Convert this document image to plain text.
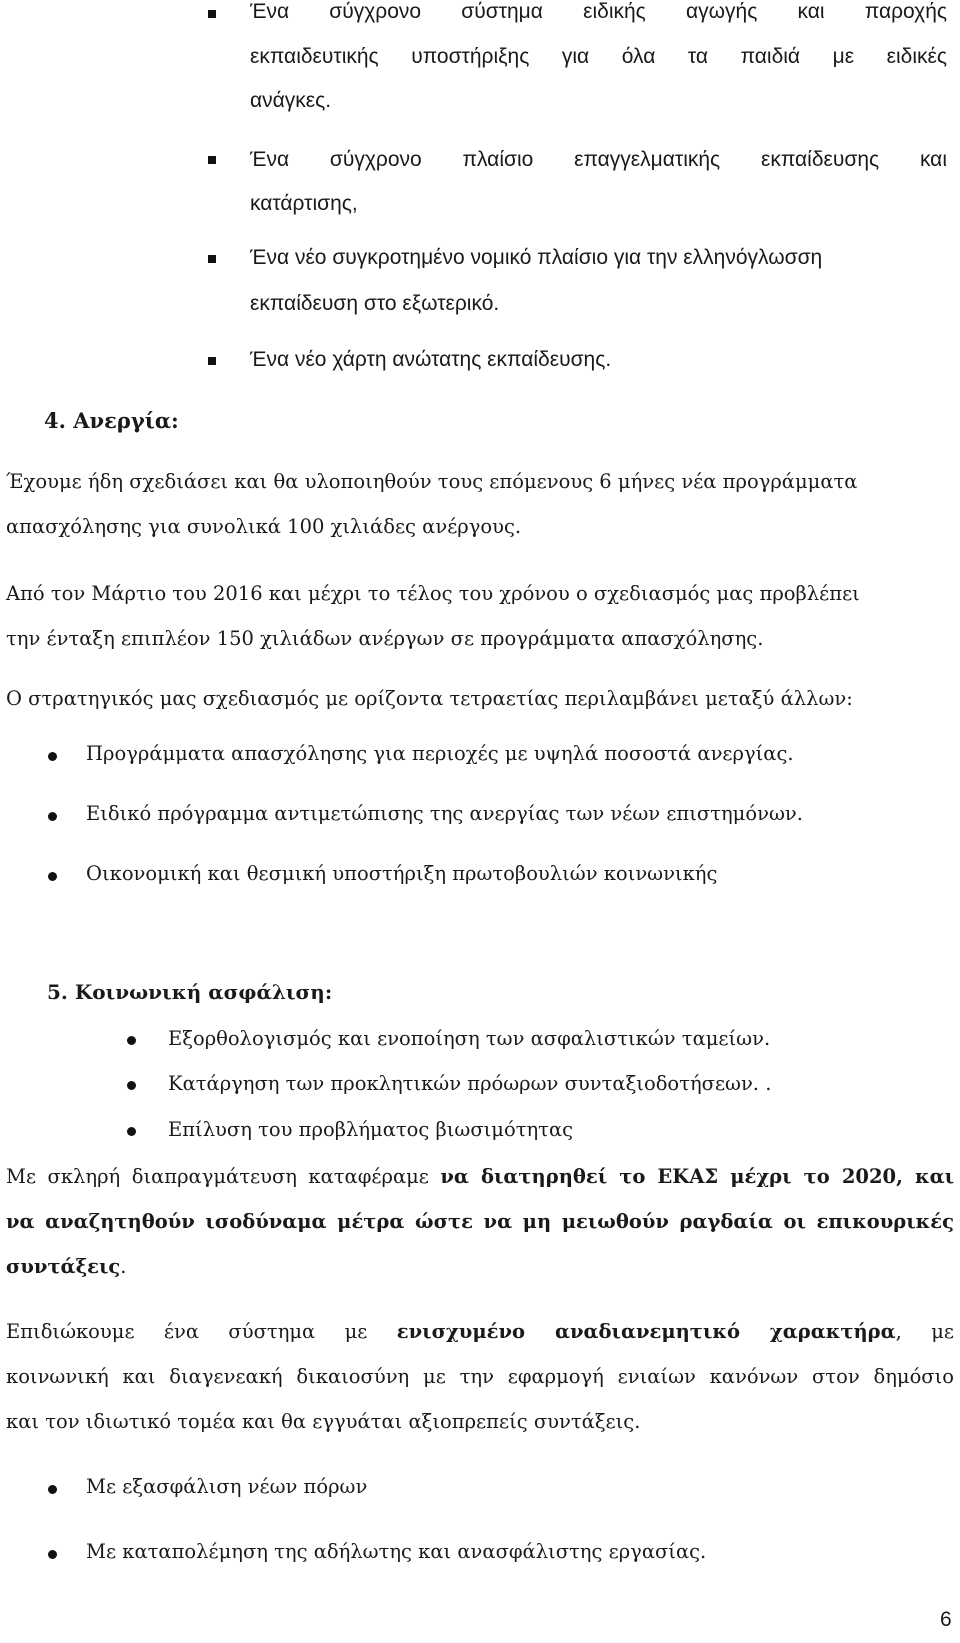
Ένα σύγχρονο σύστημα ειδικής αγωγής και παροχής

εκπαιδευτικής υποστήριξης για όλα τα παιδιά με ειδικές

ανάγκες.

Ένα σύγχρονο πλαίσιο επαγγελματικής εκπαίδευσης και

κατάρτισης,

Ένα νέο συγκροτημένο νομικό πλαίσιο για την ελληνόγλωσση

εκπαίδευση στο εξωτερικό.

Ένα νέο χάρτη ανώτατης εκπαίδευσης.

4. Ανεργία:

Έχουμε ήδη σχεδιάσει και θα υλοποιηθούν τους επόμενους 6 μήνες νέα προγράμματα

απασχόλησης για συνολικά 100 χιλιάδες ανέργους.

Από τον Μάρτιο του 2016 και μέχρι το τέλος του χρόνου ο σχεδιασμός μας προβλέπει

την ένταξη επιπλέον 150 χιλιάδων ανέργων σε προγράμματα απασχόλησης.

Ο στρατηγικός μας σχεδιασμός με ορίζοντα τετραετίας περιλαμβάνει μεταξύ άλλων:

Προγράμματα απασχόλησης για περιοχές με υψηλά ποσοστά ανεργίας.

Ειδικό πρόγραμμα αντιμετώπισης της ανεργίας των νέων επιστημόνων.

Οικονομική και θεσμική υποστήριξη πρωτοβουλιών κοινωνικής

5. Κοινωνική ασφάλιση:

Εξορθολογισμός και ενοποίηση των ασφαλιστικών ταμείων.

Κατάργηση των προκλητικών πρόωρων συνταξιοδοτήσεων. .

Επίλυση του προβλήματος βιωσιμότητας

Με σκληρή διαπραγμάτευση καταφέραμε να διατηρηθεί το ΕΚΑΣ μέχρι το 2020, και

να αναζητηθούν ισοδύναμα μέτρα ώστε να μη μειωθούν ραγδαία οι επικουρικές

συντάξεις.

Επιδιώκουμε ένα σύστημα με ενισχυμένο αναδιανεμητικό χαρακτήρα, με

κοινωνική και διαγενεακή δικαιοσύνη με την εφαρμογή ενιαίων κανόνων στον δημόσιο

και τον ιδιωτικό τομέα και θα εγγυάται αξιοπρεπείς συντάξεις.

Με εξασφάλιση νέων πόρων

Με καταπολέμηση της αδήλωτης και ανασφάλιστης εργασίας.

6
